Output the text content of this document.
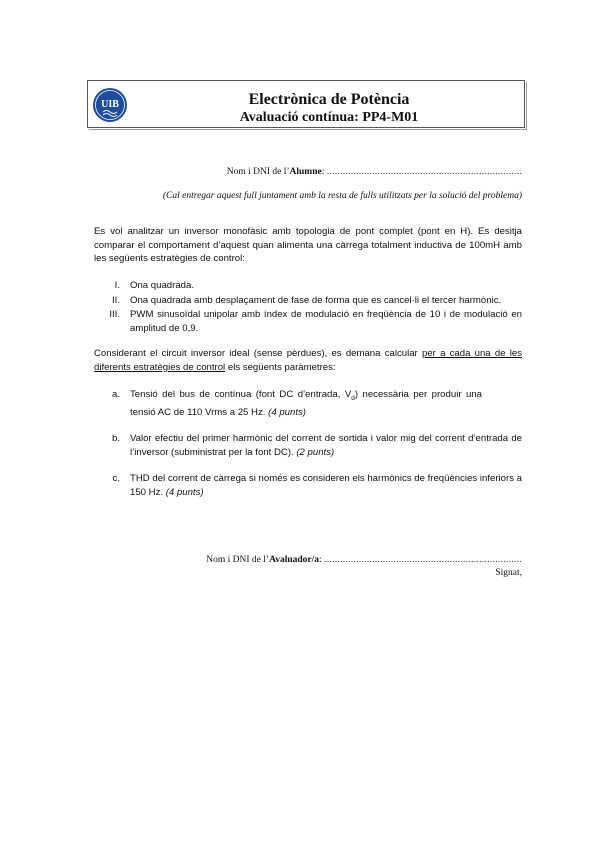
UIB	Electrònica de Potència
Avaluació contínua: PP4-M01
Nom i DNI de l’Alumne: .........................................................................
(Cal entregar aquest full juntament amb la resta de fulls utilitzats per la solució del problema)

Es vol analitzar un inversor monofàsic amb topologia de pont complet (pont en H). Es desitja comparar el comportament d’aquest quan alimenta una càrrega totalment inductiva de 100mH amb les següents estratègies de control:

I. Ona quadrada.
II. Ona quadrada amb desplaçament de fase de forma que es cancel·li el tercer harmònic.
III. PWM sinusoïdal unipolar amb índex de modulació en freqüència de 10 i de modulació en amplitud de 0,9.

Considerant el circuit inversor ideal (sense pèrdues), es demana calcular per a cada una de les diferents estratègies de control els següents paràmetres:

a. Tensió del bus de contínua (font DC d’entrada, $V_d$) necessària per produir una tensió AC de 110 Vrms a 25 Hz. (4 punts)
b. Valor efectiu del primer harmònic del corrent de sortida i valor mig del corrent d’entrada de l’inversor (subministrat per la font DC). (2 punts)
c. THD del corrent de càrrega si només es consideren els harmònics de freqüències inferiors a 150 Hz. (4 punts)
Nom i DNI de l’Avaluador/a: ..........................................................................
Signat,
